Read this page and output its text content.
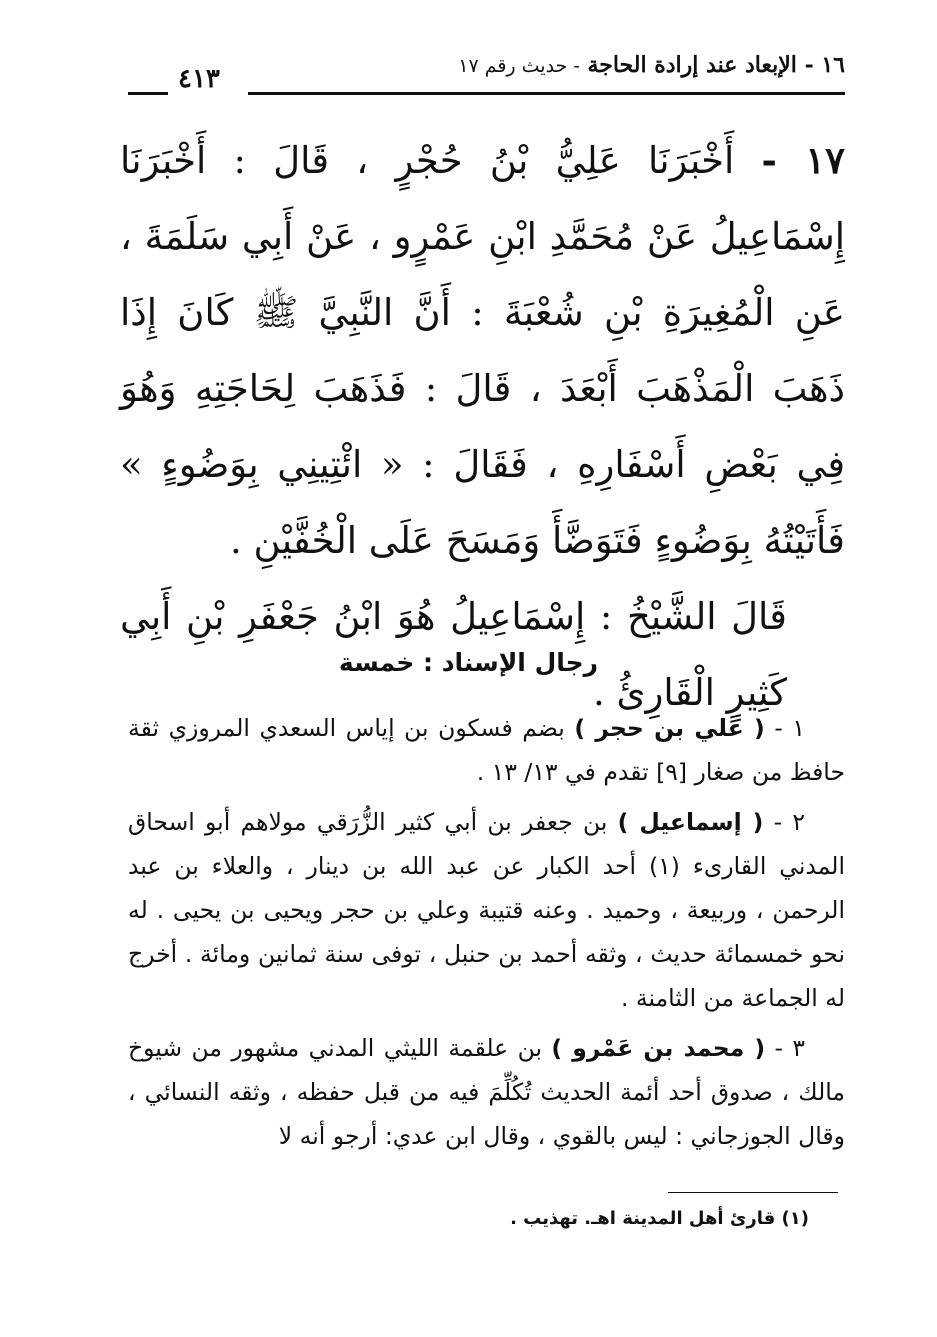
١٦ - الإبعاد عند إرادة الحاجة - حديث رقم ١٧
٤١٣

١٧ - أَخْبَرَنَا عَلِيُّ بْنُ حُجْرٍ ، قَالَ : أَخْبَرَنَا إِسْمَاعِيلُ عَنْ مُحَمَّدِ ابْنِ عَمْرٍو ، عَنْ أَبِي سَلَمَةَ ، عَنِ الْمُغِيرَةِ بْنِ شُعْبَةَ : أَنَّ النَّبِيَّ ﷺ كَانَ إِذَا ذَهَبَ الْمَذْهَبَ أَبْعَدَ ، قَالَ : فَذَهَبَ لِحَاجَتِهِ وَهُوَ فِي بَعْضِ أَسْفَارِهِ ، فَقَالَ : « ائْتِينِي بِوَضُوءٍ » فَأَتَيْتُهُ بِوَضُوءٍ فَتَوَضَّأَ وَمَسَحَ عَلَى الْخُفَّيْنِ .

قَالَ الشَّيْخُ : إِسْمَاعِيلُ هُوَ ابْنُ جَعْفَرِ بْنِ أَبِي كَثِيرٍ الْقَارِئُ .

رجال الإسناد : خمسة

١ - ( علي بن حجر ) بضم فسكون بن إياس السعدي المروزي ثقة حافظ من صغار [٩] تقدم في ١٣/ ١٣ .

٢ - ( إسماعيل ) بن جعفر بن أبي كثير الزُّرَقي مولاهم أبو اسحاق المدني القارىء (١) أحد الكبار عن عبد الله بن دينار ، والعلاء بن عبد الرحمن ، وربيعة ، وحميد . وعنه قتيبة وعلي بن حجر ويحيى بن يحيى . له نحو خمسمائة حديث ، وثقه أحمد بن حنبل ، توفى سنة ثمانين ومائة . أخرج له الجماعة من الثامنة .

٣ - ( محمد بن عَمْرو ) بن علقمة الليثي المدني مشهور من شيوخ مالك ، صدوق أحد أئمة الحديث تُكُلِّمَ فيه من قبل حفظه ، وثقه النسائي ، وقال الجوزجاني : ليس بالقوي ، وقال ابن عدي: أرجو أنه لا

(١) قارئ أهل المدينة اهـ. تهذيب .
